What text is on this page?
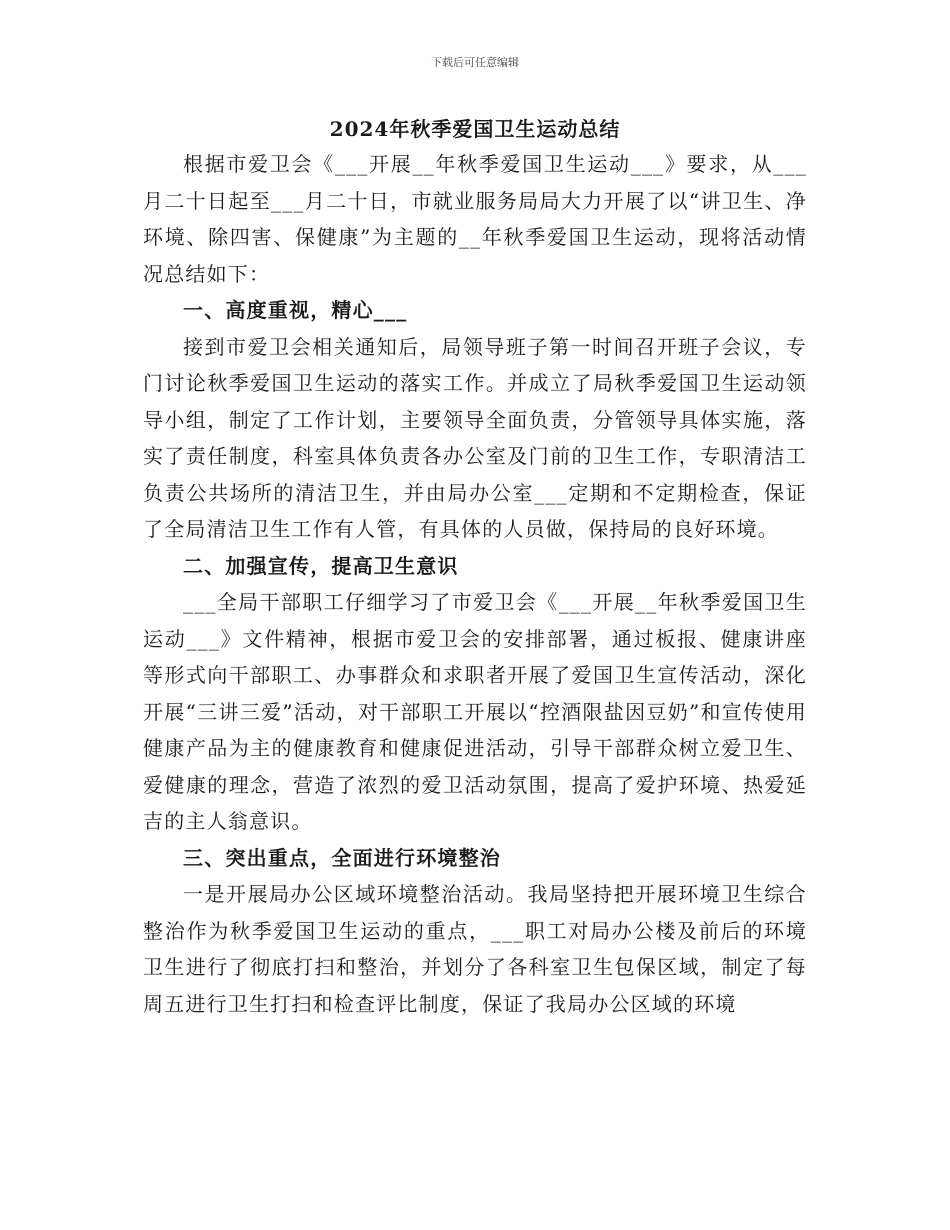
下载后可任意编辑
2024年秋季爱国卫生运动总结

根据市爱卫会《___开展__年秋季爱国卫生运动___》要求，从___月二十日起至___月二十日，市就业服务局局大力开展了以“讲卫生、净环境、除四害、保健康”为主题的__年秋季爱国卫生运动，现将活动情况总结如下：

一、高度重视，精心___

接到市爱卫会相关通知后，局领导班子第一时间召开班子会议，专门讨论秋季爱国卫生运动的落实工作。并成立了局秋季爱国卫生运动领导小组，制定了工作计划，主要领导全面负责，分管领导具体实施，落实了责任制度，科室具体负责各办公室及门前的卫生工作，专职清洁工负责公共场所的清洁卫生，并由局办公室___定期和不定期检查，保证了全局清洁卫生工作有人管，有具体的人员做，保持局的良好环境。

二、加强宣传，提高卫生意识

___全局干部职工仔细学习了市爱卫会《___开展__年秋季爱国卫生运动___》文件精神，根据市爱卫会的安排部署，通过板报、健康讲座等形式向干部职工、办事群众和求职者开展了爱国卫生宣传活动，深化开展“三讲三爱”活动，对干部职工开展以“控酒限盐因豆奶”和宣传使用健康产品为主的健康教育和健康促进活动，引导干部群众树立爱卫生、爱健康的理念，营造了浓烈的爱卫活动氛围，提高了爱护环境、热爱延吉的主人翁意识。

三、突出重点，全面进行环境整治

一是开展局办公区域环境整治活动。我局坚持把开展环境卫生综合整治作为秋季爱国卫生运动的重点，___职工对局办公楼及前后的环境卫生进行了彻底打扫和整治，并划分了各科室卫生包保区域，制定了每周五进行卫生打扫和检查评比制度，保证了我局办公区域的环境
